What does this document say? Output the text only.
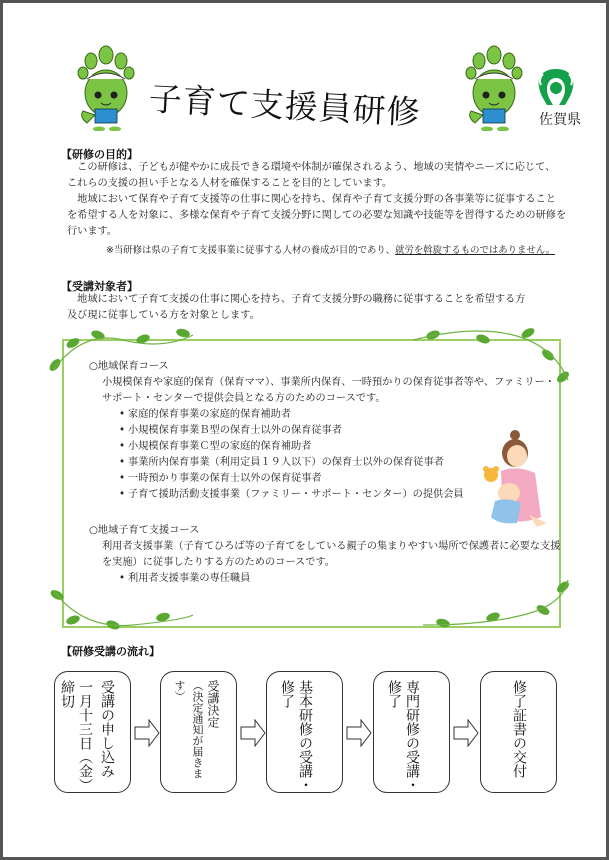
子育て支援員研修	佐賀県
【研修の目的】
　この研修は、子どもが健やかに成長できる環境や体制が確保されるよう、地域の実情やニーズに応じて、
これらの支援の担い手となる人材を確保することを目的としています。
　地域において保育や子育て支援等の仕事に関心を持ち、保育や子育て支援分野の各事業等に従事すること
を希望する人を対象に、多様な保育や子育て支援分野に関しての必要な知識や技能等を習得するための研修を
行います。
※当研修は県の子育て支援事業に従事する人材の養成が目的であり、就労を斡旋するものではありません。
【受講対象者】
　地域において子育て支援の仕事に関心を持ち、子育て支援分野の職務に従事することを希望する方
及び現に従事している方を対象とします。
○地域保育コース
小規模保育や家庭的保育（保育ママ）、事業所内保育、一時預かりの保育従事者等や、ファミリー・
サポート・センターで提供会員となる方のためのコースです。
• 家庭的保育事業の家庭的保育補助者
• 小規模保育事業Ｂ型の保育士以外の保育従事者
• 小規模保育事業Ｃ型の家庭的保育補助者
• 事業所内保育事業（利用定員１９人以下）の保育士以外の保育従事者
• 一時預かり事業の保育士以外の保育従事者
• 子育て援助活動支援事業（ファミリー・サポート・センター）の提供会員
○地域子育て支援コース
利用者支援事業（子育てひろば等の子育てをしている親子の集まりやすい場所で保護者に必要な支援
を実施）に従事したりする方のためのコースです。
• 利用者支援事業の専任職員
【研修受講の流れ】
受講の申し込み
一月十三日（金）締切	受講決定
（決定通知が届きます）	基本研修の受講・修了	専門研修の受講・修了	修了証書の交付
